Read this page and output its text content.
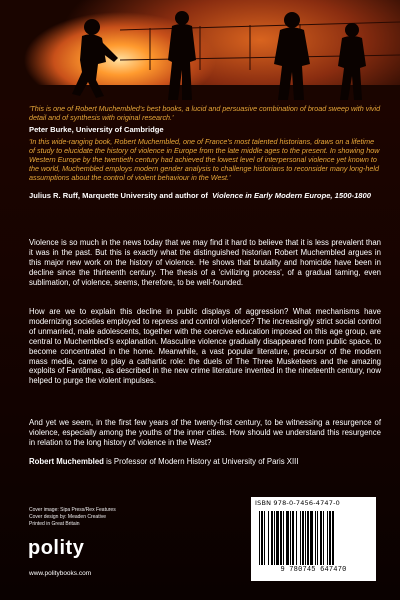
'This is one of Robert Muchembled's best books, a lucid and persuasive combination of broad sweep with vivid detail and of synthesis with original research.'

Peter Burke, University of Cambridge

'In this wide-ranging book, Robert Muchembled, one of France's most talented historians, draws on a lifetime of study to elucidate the history of violence in Europe from the late middle ages to the present. In showing how Western Europe by the twentieth century had achieved the lowest level of interpersonal violence yet known to the world, Muchembled employs modern gender analysis to challenge historians to reconsider many long-held assumptions about the control of violent behaviour in the West.'

Julius R. Ruff, Marquette University and author of Violence in Early Modern Europe, 1500-1800

Violence is so much in the news today that we may find it hard to believe that it is less prevalent than it was in the past. But this is exactly what the distinguished historian Robert Muchembled argues in this major new work on the history of violence. He shows that brutality and homicide have been in decline since the thirteenth century. The thesis of a 'civilizing process', of a gradual taming, even sublimation, of violence, seems, therefore, to be well-founded.

How are we to explain this decline in public displays of aggression? What mechanisms have modernizing societies employed to repress and control violence? The increasingly strict social control of unmarried, male adolescents, together with the coercive education imposed on this age group, are central to Muchembled's explanation. Masculine violence gradually disappeared from public space, to become concentrated in the home. Meanwhile, a vast popular literature, precursor of the modern mass media, came to play a cathartic role: the duels of The Three Musketeers and the amazing exploits of Fantômas, as described in the new crime literature invented in the nineteenth century, now helped to purge the violent impulses.

And yet we seem, in the first few years of the twenty-first century, to be witnessing a resurgence of violence, especially among the youths of the inner cities. How should we understand this resurgence in relation to the long history of violence in the West?

Robert Muchembled is Professor of Modern History at University of Paris XIII

Cover image: Sipa Press/Rex Features
Cover design by: Meaden Creative
Printed in Great Britain
polity
www.politybooks.com
ISBN 978-0-7456-4747-0
9 780745 647470
